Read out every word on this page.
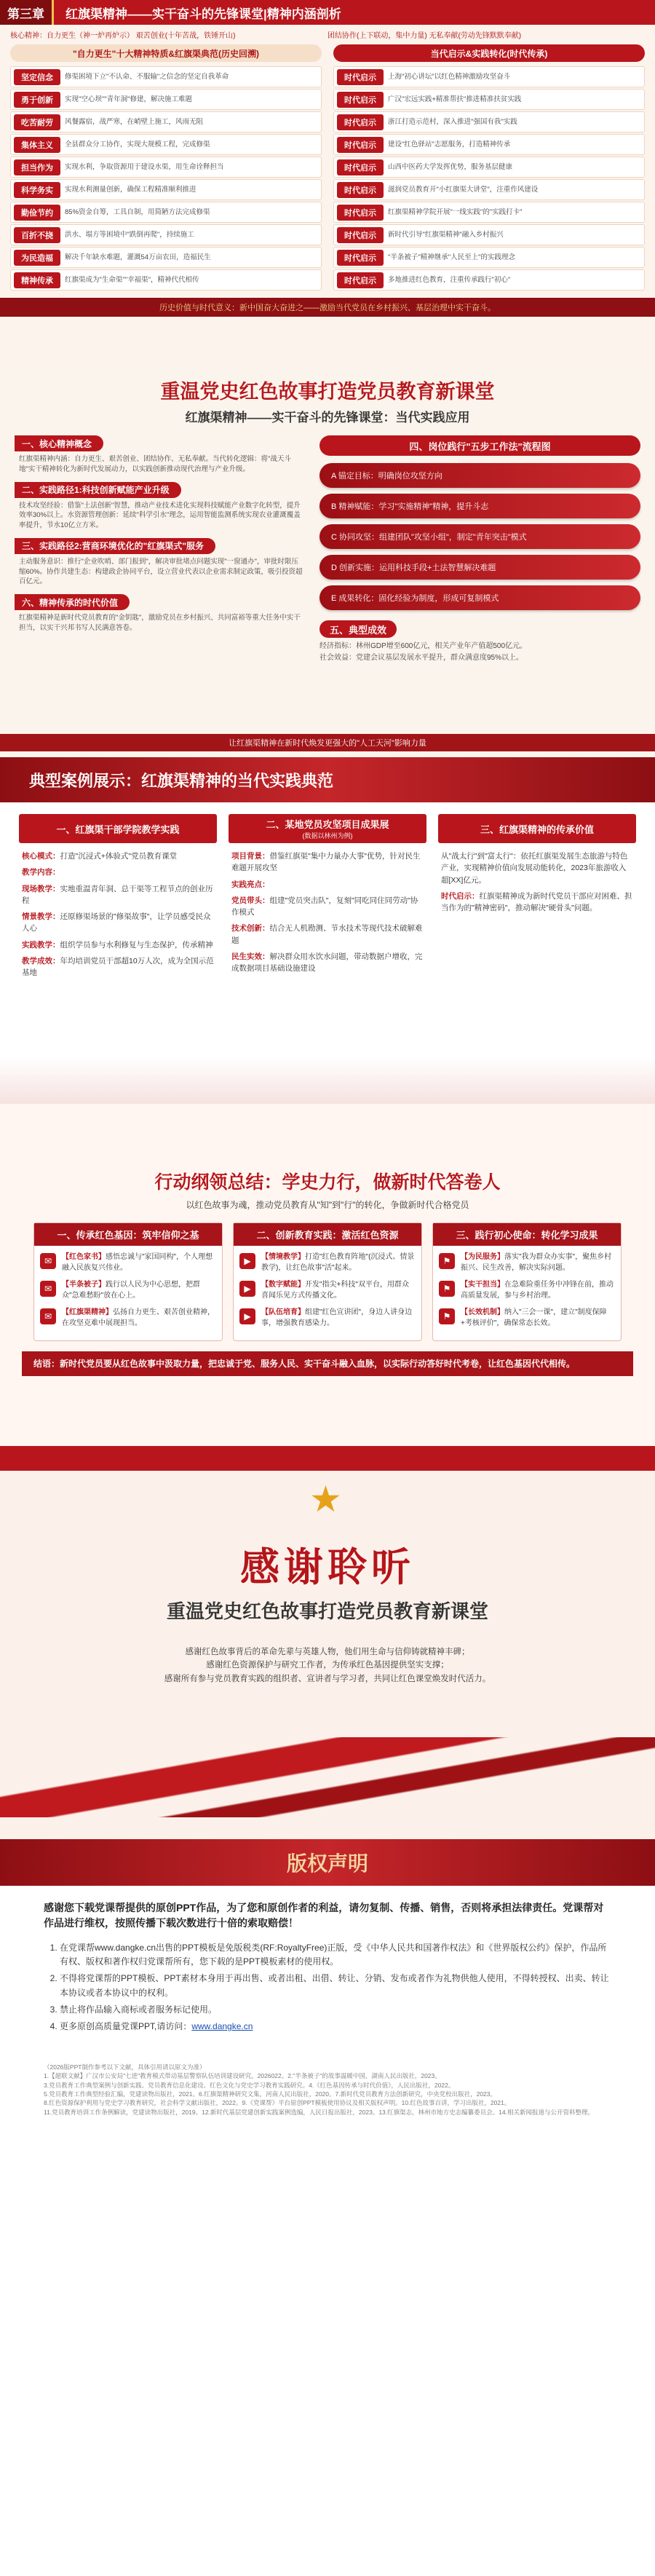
第三章	红旗渠精神——实干奋斗的先锋课堂|精神内涵剖析
核心精神：自力更生（神一炉再炉示） 艰苦创业(十年苦战，铁锤开山)	团结协作(上下联动，集中力量) 无私奉献(劳动先锋默默奉献)
"自力更生"十大精神特质&红旗渠典范(历史回溯)
坚定信念	修渠困境下立"不认命、不服输"之信念的坚定自我革命
勇于创新	实现"空心坝""青年洞"修建，解决施工难题
吃苦耐劳	风餐露宿，战严寒，在峭壁上施工，风雨无阻
集体主义	全县群众分工协作，实现大规模工程，完成修渠
担当作为	实现水利，争取资源用于建设水渠，用生命诠释担当
科学务实	实现水利测量创新，确保工程精准顺利推进
勤俭节约	85%资金自筹，工具自制，用简陋方法完成修渠
百折不挠	洪水、塌方等困境中"跌倒再爬"，持续施工
为民造福	解决千年缺水难题，灌溉54万亩农田，造福民生
精神传承	红旗渠成为"生命渠""幸福渠"，精神代代相传
当代启示&实践转化(时代传承)
时代启示	上海"初心讲坛"以红色精神激励攻坚奋斗
时代启示	广汉"宏远实践+精准帮扶"推进精准扶贫实践
时代启示	浙江打造示范村，深入推进"强国有我"实践
时代启示	建设"红色驿站"志愿服务，打造精神传承
时代启示	山西中医药大学发挥优势，服务基层健康
时代启示	滋润党员教育开"小红旗渠大讲堂"，注重作风建设
时代启示	红旗渠精神学院开展"一线实践"的"实践打卡"
时代启示	新时代引导"红旗渠精神"融入乡村振兴
时代启示	"半条被子"精神继承"人民至上"的实践理念
时代启示	多地推进红色教育，注重传承践行"初心"
历史价值与时代意义：新中国奋大奋进之——激励当代党员在乡村振兴、基层治理中实干奋斗。
重温党史红色故事打造党员教育新课堂
红旗渠精神——实干奋斗的先锋课堂：当代实践应用
一、核心精神概念
红旗渠精神内涵：自力更生、艰苦创业、团结协作、无私奉献。当代转化逻辑：将"战天斗地"实干精神转化为新时代发展动力，以实践创新推动现代治理与产业升级。
二、实践路径1:科技创新赋能产业升级
技术攻坚经验：借鉴"土法创新"智慧，推动产业技术进化实现科技赋能产业数字化转型，提升效率30%以上。水资源管理创新：延续"科学引水"理念，运用智能监测系统实现农业灌溉覆盖率提升，节水10亿立方米。
三、实践路径2:营商环境优化的"红旗渠式"服务
主动服务意识：推行"企业吹哨、部门报到"，解决审批堵点问题实现"一窗通办"，审批时限压缩60%。协作共建生态：构建政企协同平台，设立营业代表以企业需求制定政策，吸引投资超百亿元。
六、精神传承的时代价值
红旗渠精神是新时代党员教育的"金钥匙"，激励党员在乡村振兴、共同富裕等重大任务中实干担当，以实干兴邦书写人民满意答卷。
四、岗位践行"五步工作法"流程图
A 锚定目标：明确岗位攻坚方向
B 精神赋能：学习"实施精神"精神，提升斗志
C 协同攻坚：组建团队"攻坚小组"，制定"青年突击"模式
D 创新实施：运用科技手段+土法智慧解决难题
E 成果转化：固化经验为制度，形成可复制模式
五、典型成效
经济指标：林州GDP增至600亿元，相关产业年产值超500亿元。
社会效益：党建会议基层发展水平提升，群众满意度95%以上。
让红旗渠精神在新时代焕发更强大的"人工天河"影响力量
典型案例展示：红旗渠精神的当代实践典范
一、红旗渠干部学院教学实践

核心模式：打造"沉浸式+体验式"党员教育课堂

教学内容：

现场教学：实地重温青年洞、总干渠等工程节点的创业历程

情景教学：还原修渠场景的"修渠故事"，让学员感受民众人心

实践教学：组织学员参与水利修复与生态保护，传承精神

教学成效：年均培训党员干部超10万人次，成为全国示范基地

二、某地党员攻坚项目成果展
(数据以林州为例)

项目背景：借鉴红旗渠"集中力量办大事"优势，针对民生难题开展攻坚

实践亮点：

党员带头：组建"党员突击队"，复刻"同吃同住同劳动"协作模式

技术创新：结合无人机勘测、节水技术等现代技术破解难题

民生实效：解决群众用水饮水问题，带动数据户增收，完成数据项目基础设施建设

三、红旗渠精神的传承价值

从"战太行"到"富太行"：依托红旗渠发展生态旅游与特色产业，实现精神价值向发展动能转化，2023年旅游收入超[XX]亿元。

时代启示：红旗渠精神成为新时代党员干部应对困难、担当作为的"精神密码"，推动解决"硬骨头"问题。

行动纲领总结：学史力行，做新时代答卷人

以红色故事为魂，推动党员教育从"知"到"行"的转化，争做新时代合格党员

一、传承红色基因：筑牢信仰之基
✉	【红色家书】感悟忠诚与"家国同构"，个人理想融入民族复兴伟业。
✉	【半条被子】践行以人民为中心思想，把群众"急难愁盼"放在心上。
✉	【红旗渠精神】弘扬自力更生、艰苦创业精神，在攻坚克难中展现担当。
二、创新教育实践：激活红色资源
▶	【情境教学】打造"红色教育阵地"(沉浸式、情景教学)，让红色故事"活"起来。
▶	【数字赋能】开发"指尖+科技"双平台，用群众喜闻乐见方式传播文化。
▶	【队伍培育】组建"红色宣讲团"，身边人讲身边事，增强教育感染力。
三、践行初心使命：转化学习成果
⚑	【为民服务】落实"我为群众办实事"，聚焦乡村振兴、民生改善，解决实际问题。
⚑	【实干担当】在急难险重任务中冲锋在前，推动高质量发展，参与乡村治理。
⚑	【长效机制】纳入"三会一课"，建立"制度保障+考核评价"，确保常态长效。
结语：新时代党员要从红色故事中汲取力量，把忠诚于党、服务人民、实干奋斗融入血脉，以实际行动答好时代考卷，让红色基因代代相传。
★
感谢聆听
重温党史红色故事打造党员教育新课堂
感谢红色故事背后的革命先辈与英雄人物，他们用生命与信仰铸就精神丰碑；
感谢红色资源保护与研究工作者，为传承红色基因提供坚实支撑；
感谢所有参与党员教育实践的组织者、宣讲者与学习者，共同让红色课堂焕发时代活力。
版权声明
感谢您下载党课帮提供的原创PPT作品，为了您和原创作者的利益，请勿复制、传播、销售，否则将承担法律责任。党课帮对作品进行维权，按照传播下载次数进行十倍的索取赔偿！
1. 在党课帮www.dangke.cn出售的PPT模板是免版税类(RF:RoyaltyFree)正版，受《中华人民共和国著作权法》和《世界版权公约》保护，作品所有权、版权和著作权归党课帮所有，您下载的是PPT模板素材的使用权。
2. 不得将党课帮的PPT模板、PPT素材本身用于再出售、或者出租、出借、转让、分销、发布或者作为礼物供他人使用，不得转授权、出卖、转让本协议或者本协议中的权利。
3. 禁止将作品输入商标或者服务标记使用。
4. 更多原创高质量党课PPT,请访问：www.dangke.cn
（2026版PPT制作参考以下文献，具体引用请以原文为准）
1.【超联文献】广汉市公安局"七进"教育模式带动基层警察队伍培训建设研究。2026022。2."半条被子"的故事温暖中国，湖南人民出版社，2023。
3.党员教育工作典型案例与创新实践、党员教育信息化建设、红色文化与党史学习教育实践研究。4.《红色基因传承与时代价值》，人民出版社，2022。
5.党员教育工作典型经验汇编，党建读物出版社，2021。6.红旗渠精神研究文集，河南人民出版社，2020。7.新时代党员教育方法创新研究，中央党校出版社，2023。
8.红色资源保护利用与党史学习教育研究，社会科学文献出版社，2022。9.《党课帮》平台原创PPT模板使用协议及相关版权声明。10.红色故事百讲，学习出版社，2021。
11.党员教育培训工作条例解读，党建读物出版社，2019。12.新时代基层党建创新实践案例选编，人民日报出版社，2023。13.红旗渠志，林州市地方史志编纂委员会。14.相关新闻报道与公开资料整理。
